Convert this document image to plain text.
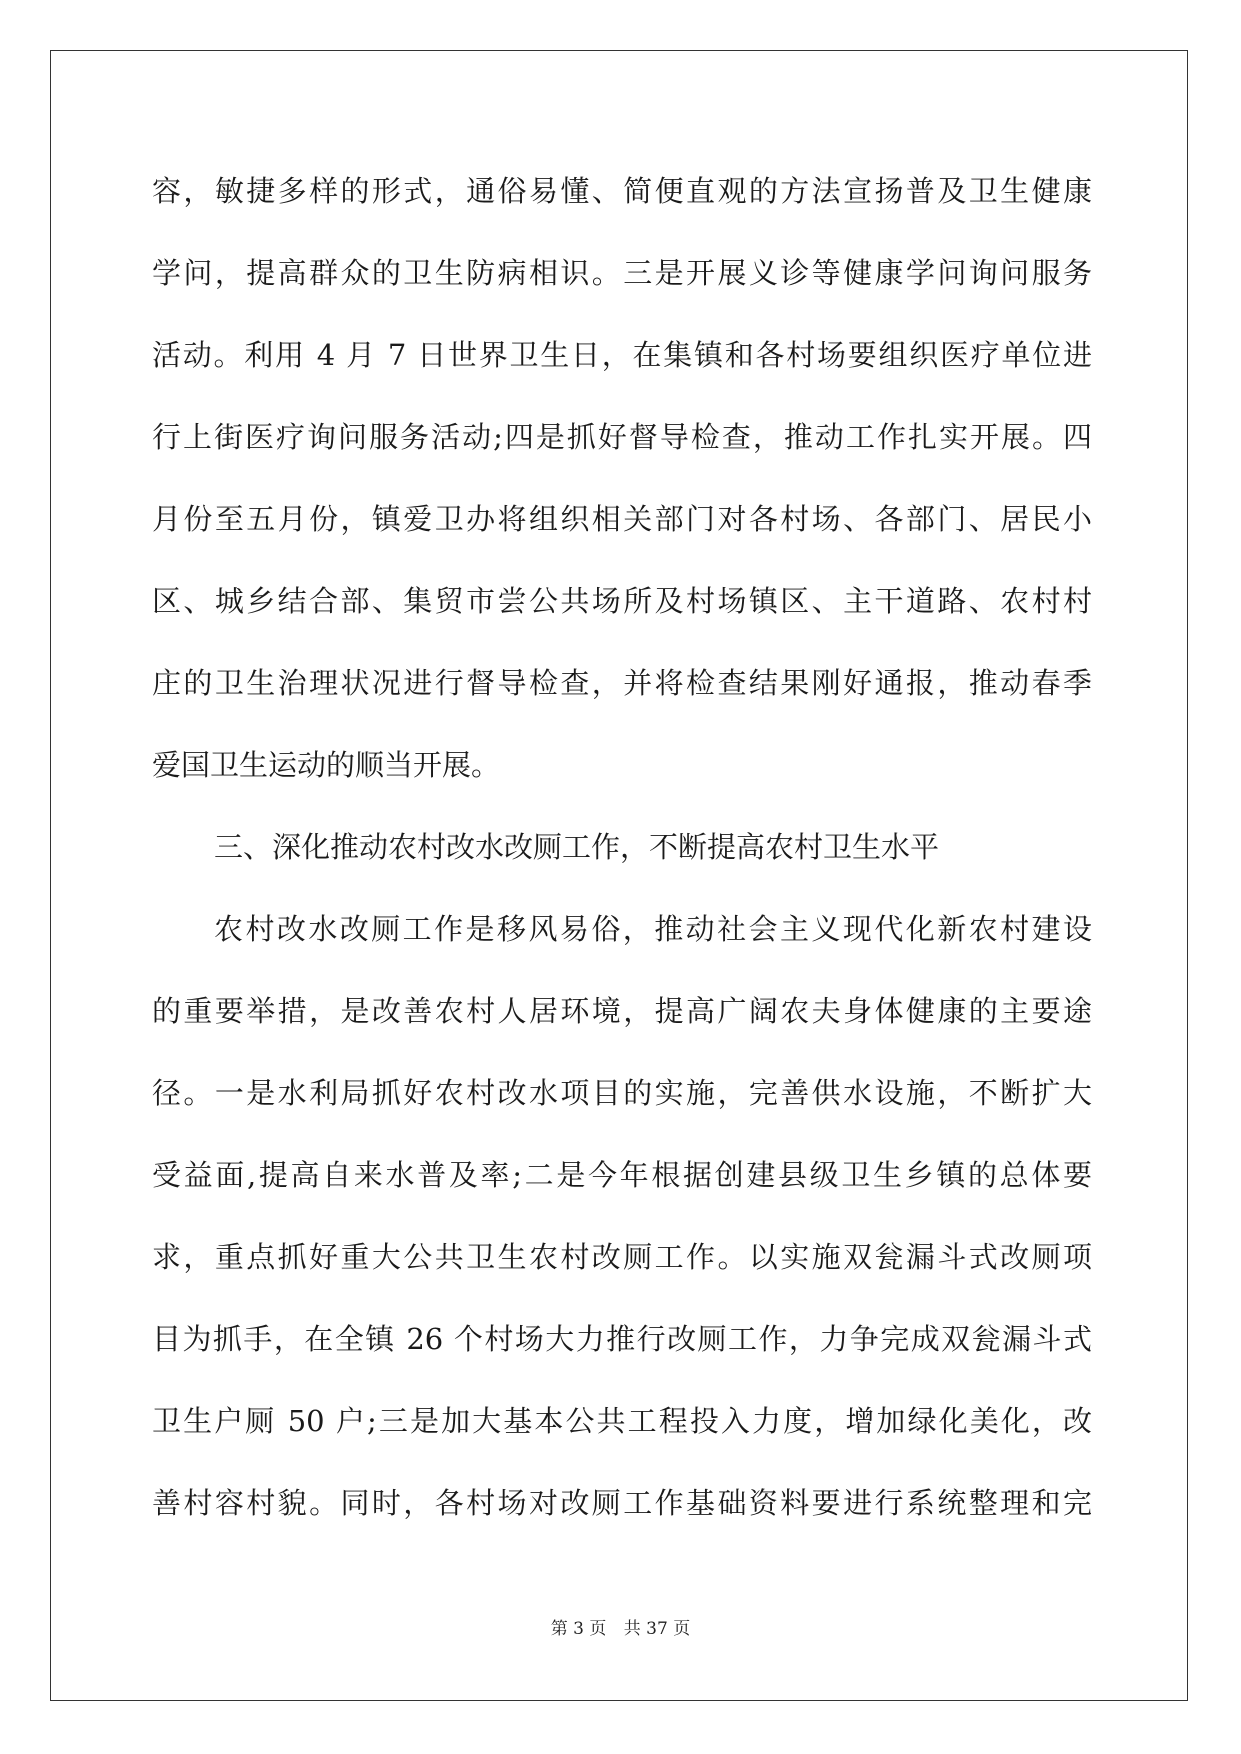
容，敏捷多样的形式，通俗易懂、简便直观的方法宣扬普及卫生健康

学问，提高群众的卫生防病相识。三是开展义诊等健康学问询问服务

活动。利用 4 月 7 日世界卫生日，在集镇和各村场要组织医疗单位进

行上街医疗询问服务活动;四是抓好督导检查，推动工作扎实开展。四

月份至五月份，镇爱卫办将组织相关部门对各村场、各部门、居民小

区、城乡结合部、集贸市尝公共场所及村场镇区、主干道路、农村村

庄的卫生治理状况进行督导检查，并将检查结果刚好通报，推动春季

爱国卫生运动的顺当开展。

三、深化推动农村改水改厕工作，不断提高农村卫生水平

农村改水改厕工作是移风易俗，推动社会主义现代化新农村建设

的重要举措，是改善农村人居环境，提高广阔农夫身体健康的主要途

径。一是水利局抓好农村改水项目的实施，完善供水设施，不断扩大

受益面,提高自来水普及率;二是今年根据创建县级卫生乡镇的总体要

求，重点抓好重大公共卫生农村改厕工作。以实施双瓮漏斗式改厕项

目为抓手，在全镇 26 个村场大力推行改厕工作，力争完成双瓮漏斗式

卫生户厕 50 户;三是加大基本公共工程投入力度，增加绿化美化，改

善村容村貌。同时，各村场对改厕工作基础资料要进行系统整理和完

第 3 页 共 37 页
